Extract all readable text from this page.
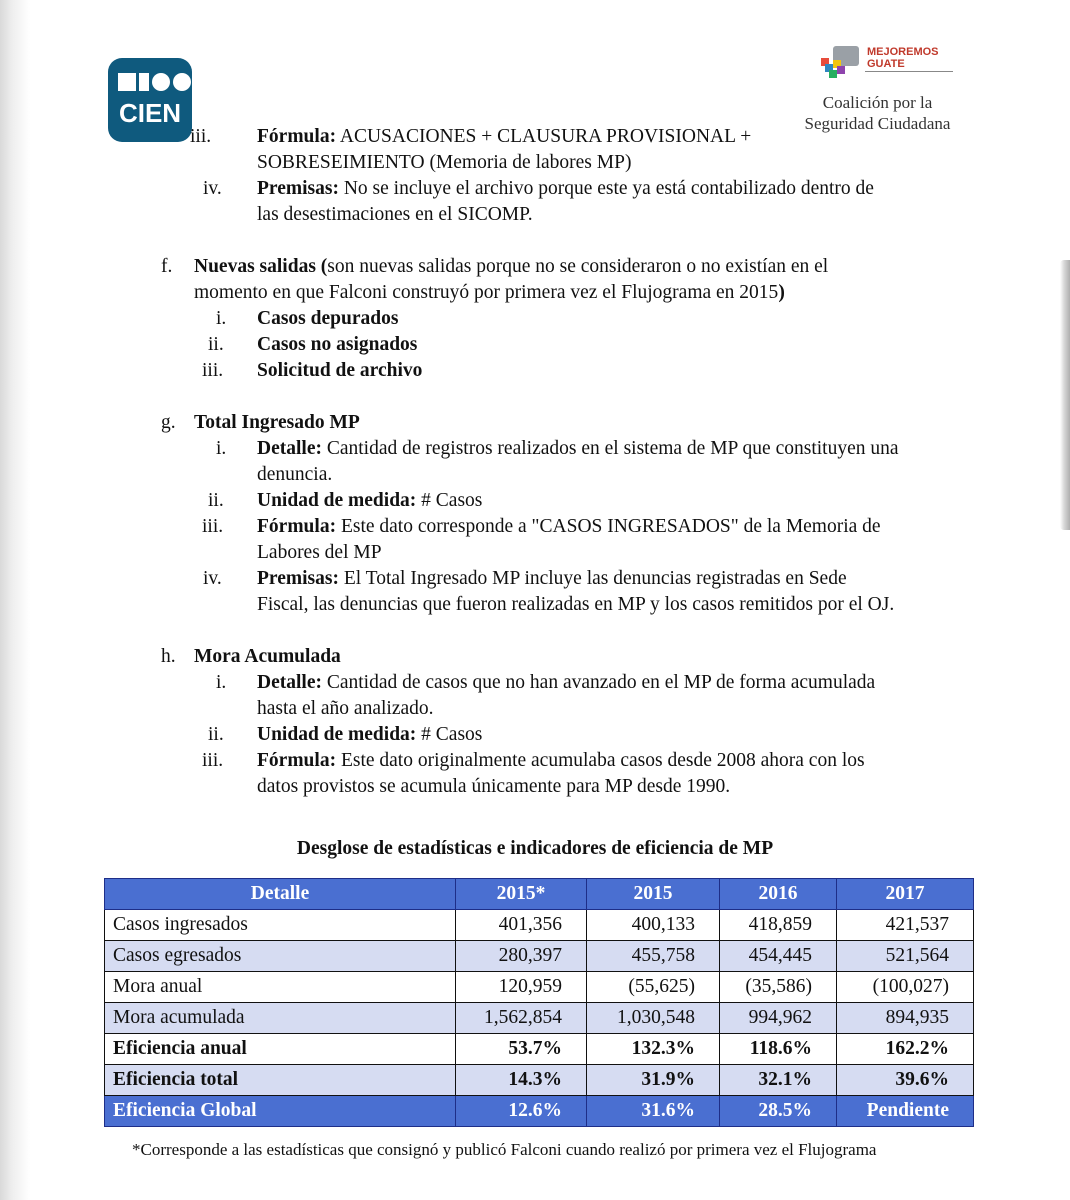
CIEN
MEJOREMOS
GUATE
Coalición por la
Seguridad Ciudadana
iii.	Fórmula: ACUSACIONES + CLAUSURA PROVISIONAL +
SOBRESEIMIENTO (Memoria de labores MP)
iv.	Premisas: No se incluye el archivo porque este ya está contabilizado dentro de
las desestimaciones en el SICOMP.
f. Nuevas salidas (son nuevas salidas porque no se consideraron o no existían en el
momento en que Falconi construyó por primera vez el Flujograma en 2015)
i. Casos depurados
ii. Casos no asignados
iii. Solicitud de archivo
g. Total Ingresado MP
i. Detalle: Cantidad de registros realizados en el sistema de MP que constituyen una
denuncia.
ii. Unidad de medida: # Casos
iii. Fórmula: Este dato corresponde a "CASOS INGRESADOS" de la Memoria de
Labores del MP
iv. Premisas: El Total Ingresado MP incluye las denuncias registradas en Sede
Fiscal, las denuncias que fueron realizadas en MP y los casos remitidos por el OJ.
h. Mora Acumulada
i. Detalle: Cantidad de casos que no han avanzado en el MP de forma acumulada
hasta el año analizado.
ii. Unidad de medida: # Casos
iii. Fórmula: Este dato originalmente acumulaba casos desde 2008 ahora con los
datos provistos se acumula únicamente para MP desde 1990.
Desglose de estadísticas e indicadores de eficiencia de MP
Detalle	2015*	2015	2016	2017
Casos ingresados	401,356	400,133	418,859	421,537
Casos egresados	280,397	455,758	454,445	521,564
Mora anual	120,959	(55,625)	(35,586)	(100,027)
Mora acumulada	1,562,854	1,030,548	994,962	894,935
Eficiencia anual	53.7%	132.3%	118.6%	162.2%
Eficiencia total	14.3%	31.9%	32.1%	39.6%
Eficiencia Global	12.6%	31.6%	28.5%	Pendiente
*Corresponde a las estadísticas que consignó y publicó Falconi cuando realizó por primera vez el Flujograma
